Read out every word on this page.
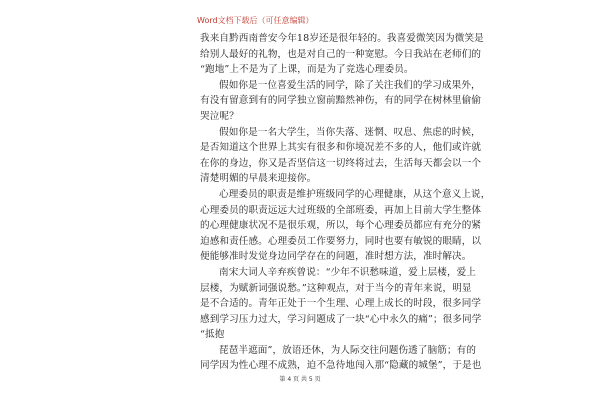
Word文档下载后（可任意编辑）
我来自黔西南普安今年18岁还是很年轻的。我喜爱微笑因为微笑是
给别人最好的礼物，也是对自己的一种宽慰。今日我站在老师们的
“跑地”上不是为了上课，而是为了竞选心理委员。
假如你是一位喜爱生活的同学，除了关注我们的学习成果外，
有没有留意到有的同学独立窗前黯然神伤，有的同学在树林里偷偷
哭泣呢？
假如你是一名大学生，当你失落、迷惘、叹息、焦虑的时候，
是否知道这个世界上其实有很多和你境况差不多的人，他们或许就
在你的身边，你又是否坚信这一切终将过去，生活每天都会以一个
清楚明媚的早晨来迎接你。
心理委员的职责是维护班级同学的心理健康，从这个意义上说，
心理委员的职责远远大过班级的全部班委，再加上目前大学生整体
的心理健康状况不是很乐观，所以，每个心理委员都应有充分的紧
迫感和责任感。心理委员工作要努力，同时也要有敏锐的眼睛，以
便能够准时发觉身边同学存在的问题，准时想方法，准时解决。
南宋大词人辛弃疾曾说：“少年不识愁味道，爱上层楼，爱上
层楼，为赋新词强说愁。”这种观点，对于当今的青年来说，明显
是不合适的。青年正处于一个生理、心理上成长的时段，很多同学
感到学习压力过大，学习问题成了一块“心中永久的痛”；很多同学
“抵抱
琵琶半遮面”，放语还休，为人际交往问题伤透了脑筋；有的
同学因为性心理不成熟，迫不急待地闯入那“隐藏的城堡”，于是也
第 4 页 共 5 页
